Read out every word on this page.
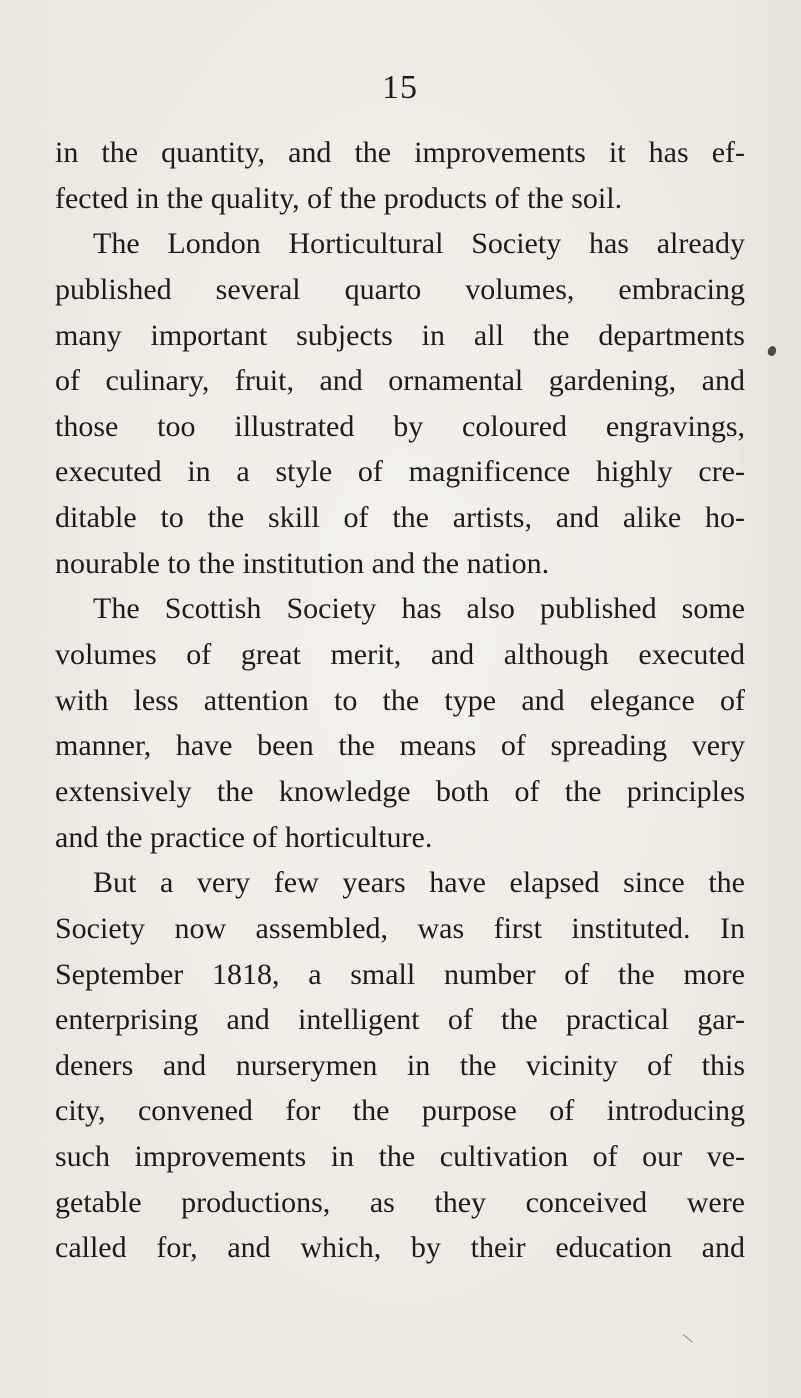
15
in the quantity, and the improvements it has ef-
fected in the quality, of the products of the soil.
The London Horticultural Society has already
published several quarto volumes, embracing
many important subjects in all the departments
of culinary, fruit, and ornamental gardening, and
those too illustrated by coloured engravings,
executed in a style of magnificence highly cre-
ditable to the skill of the artists, and alike ho-
nourable to the institution and the nation.
The Scottish Society has also published some
volumes of great merit, and although executed
with less attention to the type and elegance of
manner, have been the means of spreading very
extensively the knowledge both of the principles
and the practice of horticulture.
But a very few years have elapsed since the
Society now assembled, was first instituted. In
September 1818, a small number of the more
enterprising and intelligent of the practical gar-
deners and nurserymen in the vicinity of this
city, convened for the purpose of introducing
such improvements in the cultivation of our ve-
getable productions, as they conceived were
called for, and which, by their education and
